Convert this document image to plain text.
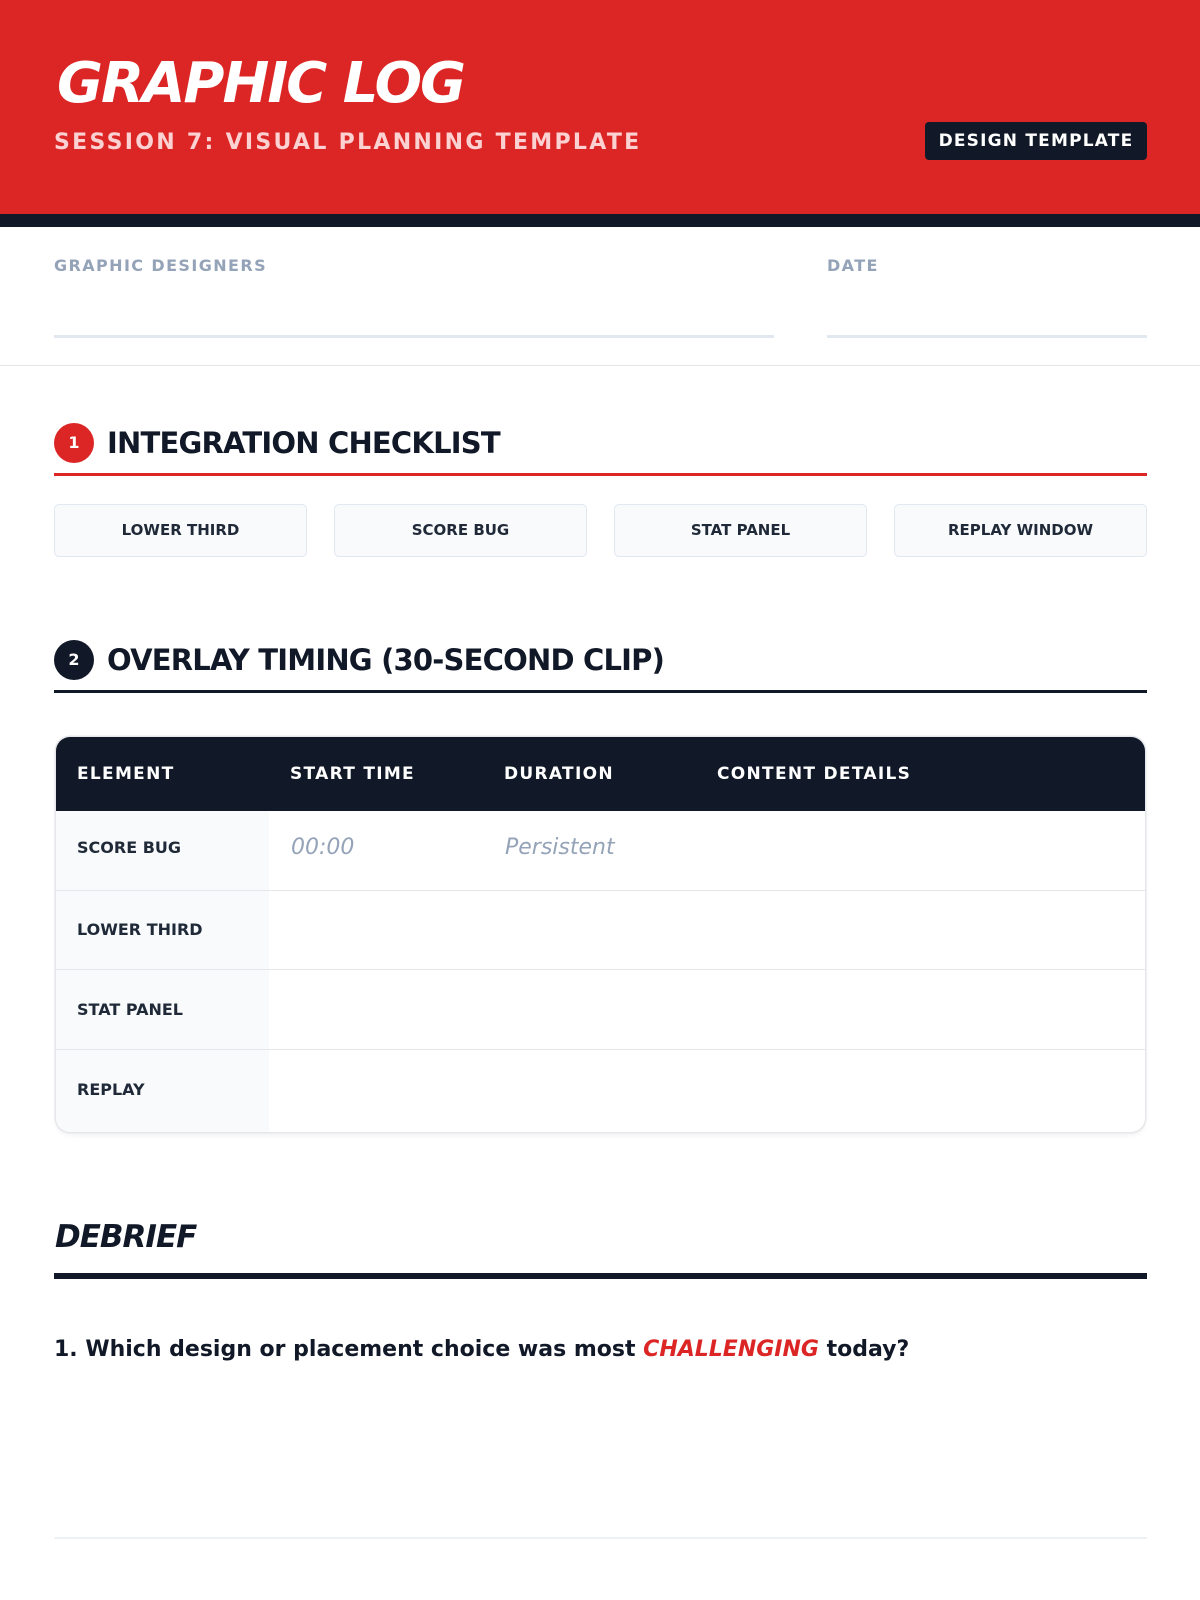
GRAPHIC LOG
SESSION 7: VISUAL PLANNING TEMPLATE	DESIGN TEMPLATE
GRAPHIC DESIGNERS	DATE
1 INTEGRATION CHECKLIST
LOWER THIRD	SCORE BUG	STAT PANEL	REPLAY WINDOW
2 OVERLAY TIMING (30-SECOND CLIP)
ELEMENT	START TIME	DURATION	CONTENT DETAILS
SCORE BUG	00:00	Persistent
LOWER THIRD
STAT PANEL
REPLAY
DEBRIEF
1. Which design or placement choice was most CHALLENGING today?
